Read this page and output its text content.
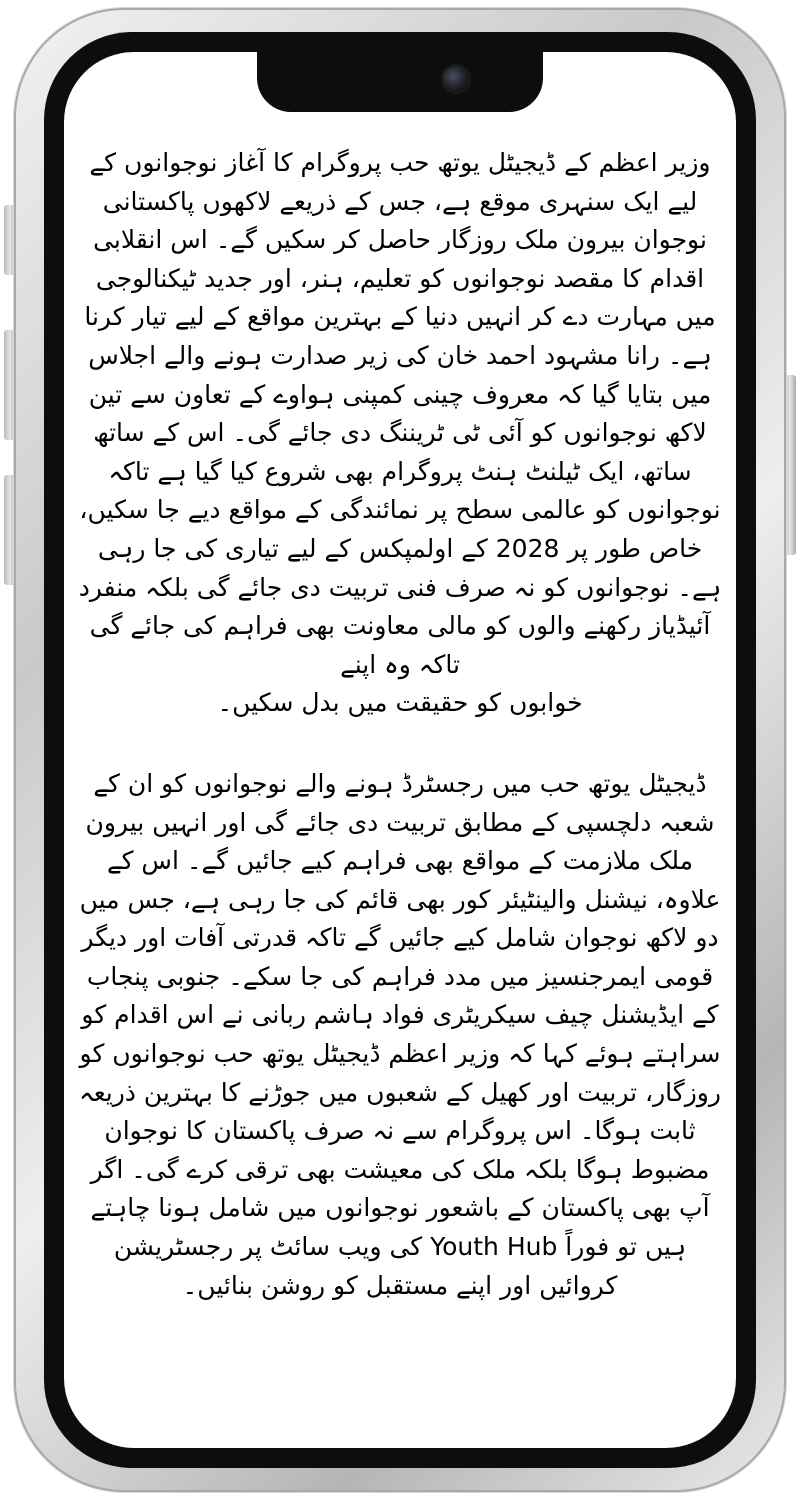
وزیر اعظم کے ڈیجیٹل یوتھ حب پروگرام کا آغاز نوجوانوں کے لیے ایک سنہری موقع ہے، جس کے ذریعے لاکھوں پاکستانی نوجوان بیرون ملک روزگار حاصل کر سکیں گے۔ اس انقلابی اقدام کا مقصد نوجوانوں کو تعلیم، ہنر، اور جدید ٹیکنالوجی میں مہارت دے کر انہیں دنیا کے بہترین مواقع کے لیے تیار کرنا ہے۔ رانا مشہود احمد خان کی زیر صدارت ہونے والے اجلاس میں بتایا گیا کہ معروف چینی کمپنی ہواوے کے تعاون سے تین لاکھ نوجوانوں کو آئی ٹی ٹریننگ دی جائے گی۔ اس کے ساتھ ساتھ، ایک ٹیلنٹ ہنٹ پروگرام بھی شروع کیا گیا ہے تاکہ نوجوانوں کو عالمی سطح پر نمائندگی کے مواقع دیے جا سکیں، خاص طور پر 2028 کے اولمپکس کے لیے تیاری کی جا رہی ہے۔ نوجوانوں کو نہ صرف فنی تربیت دی جائے گی بلکہ منفرد آئیڈیاز رکھنے والوں کو مالی معاونت بھی فراہم کی جائے گی تاکہ وہ اپنے

خوابوں کو حقیقت میں بدل سکیں۔

ڈیجیٹل یوتھ حب میں رجسٹرڈ ہونے والے نوجوانوں کو ان کے شعبہ دلچسپی کے مطابق تربیت دی جائے گی اور انہیں بیرون ملک ملازمت کے مواقع بھی فراہم کیے جائیں گے۔ اس کے علاوہ، نیشنل والینٹیئر کور بھی قائم کی جا رہی ہے، جس میں دو لاکھ نوجوان شامل کیے جائیں گے تاکہ قدرتی آفات اور دیگر قومی ایمرجنسیز میں مدد فراہم کی جا سکے۔ جنوبی پنجاب کے ایڈیشنل چیف سیکریٹری فواد ہاشم ربانی نے اس اقدام کو سراہتے ہوئے کہا کہ وزیر اعظم ڈیجیٹل یوتھ حب نوجوانوں کو روزگار، تربیت اور کھیل کے شعبوں میں جوڑنے کا بہترین ذریعہ ثابت ہوگا۔ اس پروگرام سے نہ صرف پاکستان کا نوجوان مضبوط ہوگا بلکہ ملک کی معیشت بھی ترقی کرے گی۔ اگر آپ بھی پاکستان کے باشعور نوجوانوں میں شامل ہونا چاہتے ہیں تو فوراً Youth Hub کی ویب سائٹ پر رجسٹریشن کروائیں اور اپنے مستقبل کو روشن بنائیں۔
